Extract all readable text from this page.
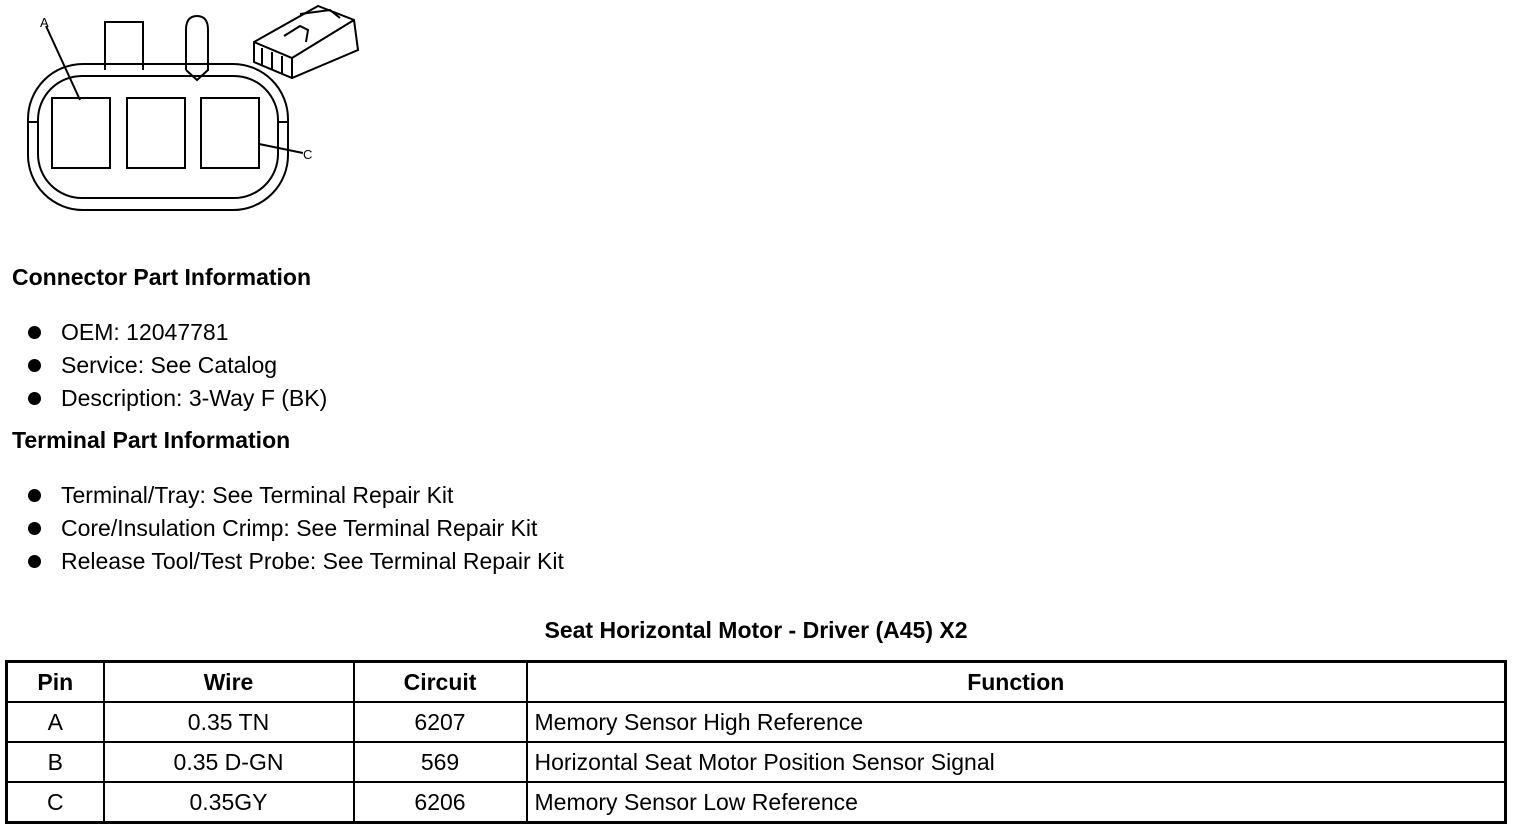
A
C
Connector Part Information
OEM: 12047781
Service: See Catalog
Description: 3-Way F (BK)
Terminal Part Information
Terminal/Tray: See Terminal Repair Kit
Core/Insulation Crimp: See Terminal Repair Kit
Release Tool/Test Probe: See Terminal Repair Kit
Seat Horizontal Motor - Driver (A45) X2
Pin	Wire	Circuit	Function
A	0.35 TN	6207	Memory Sensor High Reference
B	0.35 D-GN	569	Horizontal Seat Motor Position Sensor Signal
C	0.35GY	6206	Memory Sensor Low Reference
